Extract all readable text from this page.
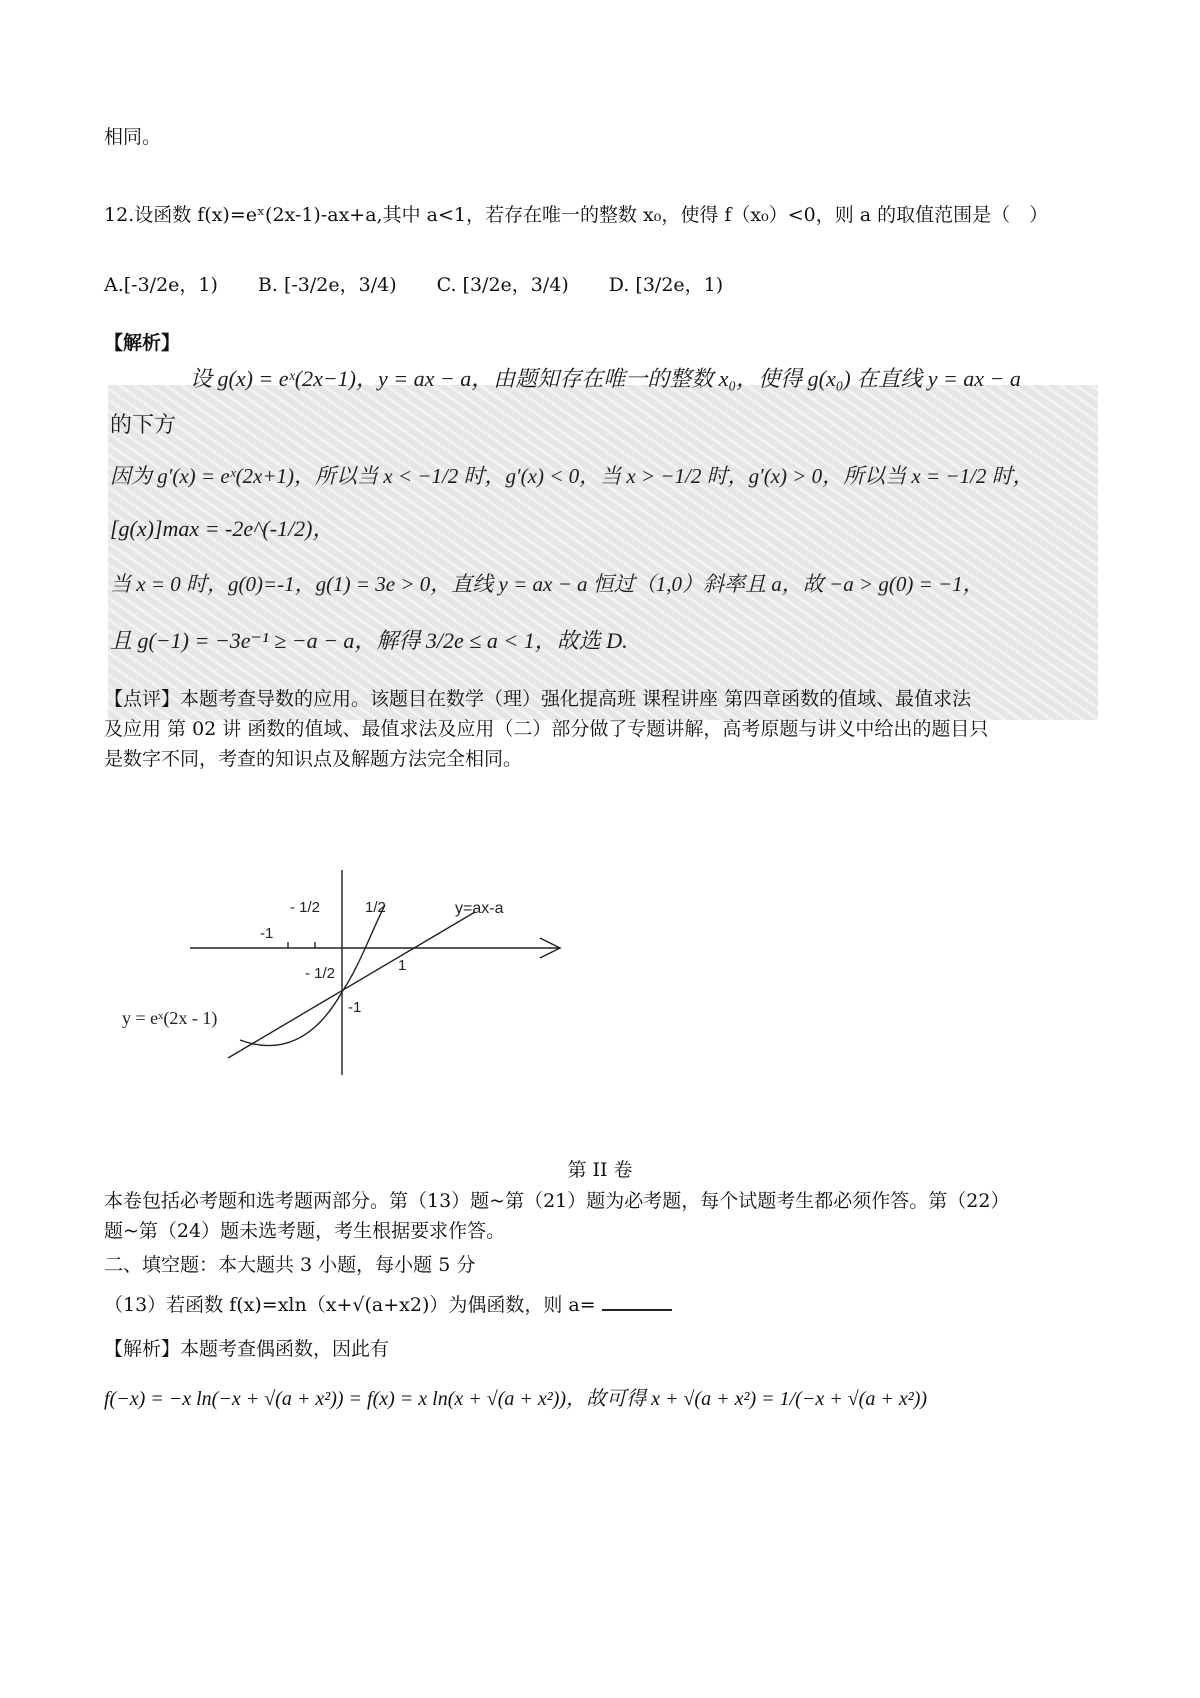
相同。
12.设函数 f(x)=eˣ(2x-1)-ax+a,其中 a<1，若存在唯一的整数 x₀，使得 f（x₀）<0，则 a 的取值范围是（　）
A.[-3/2e，1) B. [-3/2e，3/4) C. [3/2e，3/4) D. [3/2e，1)
【解析】
设 g(x) = eˣ(2x−1)，y = ax − a，由题知存在唯一的整数 x₀，使得 g(x₀) 在直线 y = ax − a
的下方
因为 g′(x) = eˣ(2x+1)，所以当 x < −1/2 时，g′(x) < 0，当 x > −1/2 时，g′(x) > 0，所以当 x = −1/2 时，
[g(x)]max = -2e^(-1/2)，
当 x = 0 时，g(0)=-1，g(1) = 3e > 0，直线 y = ax − a 恒过（1,0）斜率且 a，故 −a > g(0) = −1，
且 g(−1) = −3e⁻¹ ≥ −a − a，解得 3/2e ≤ a < 1，故选 D.
【点评】本题考查导数的应用。该题目在数学（理）强化提高班 课程讲座 第四章函数的值域、最值求法
及应用 第 02 讲 函数的值域、最值求法及应用（二）部分做了专题讲解，高考原题与讲义中给出的题目只
是数字不同，考查的知识点及解题方法完全相同。
y=ax-a
y = eˣ(2x - 1)
-1
- 1/2	1/2
1
- 1/2
-1
第 II 卷
本卷包括必考题和选考题两部分。第（13）题~第（21）题为必考题，每个试题考生都必须作答。第（22）
题~第（24）题未选考题，考生根据要求作答。
二、填空题：本大题共 3 小题，每小题 5 分
（13）若函数 f(x)=xln（x+√(a+x2)）为偶函数，则 a=
【解析】本题考查偶函数，因此有
f(−x) = −x ln(−x + √(a + x²)) = f(x) = x ln(x + √(a + x²))，故可得 x + √(a + x²) = 1/(−x + √(a + x²))
